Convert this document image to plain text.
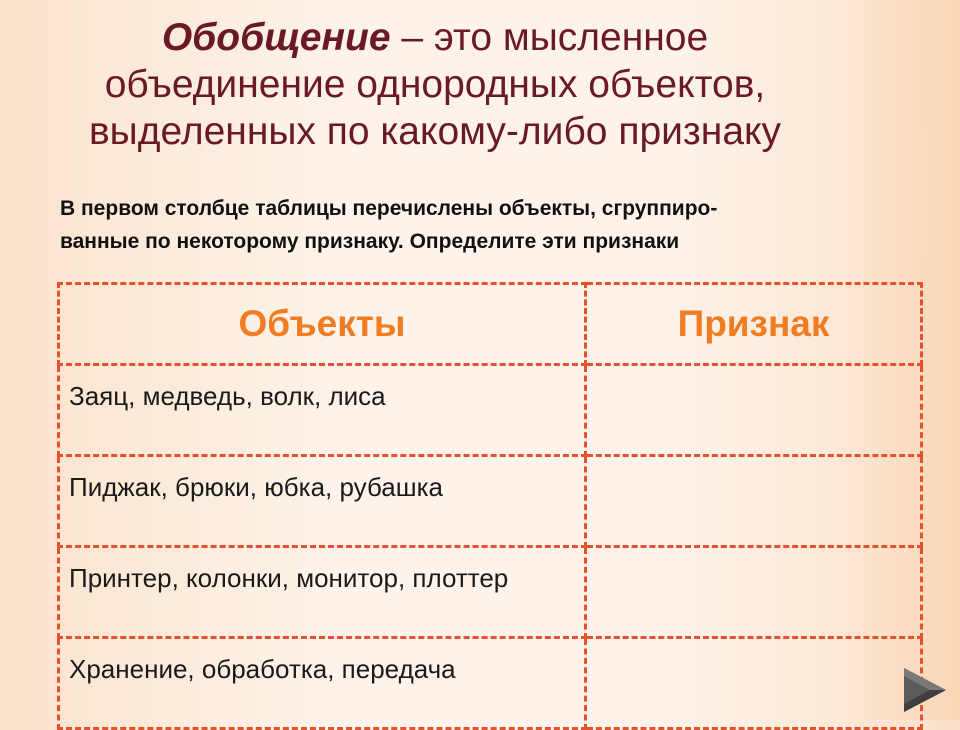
Обобщение – это мысленное
объединение однородных объектов,
выделенных по какому-либо признаку
В первом столбце таблицы перечислены объекты, сгруппиро-
ванные по некоторому признаку. Определите эти признаки
Объекты	Признак
Заяц, медведь, волк, лиса	
Пиджак, брюки, юбка, рубашка	
Принтер, колонки, монитор, плоттер	
Хранение, обработка, передача	
